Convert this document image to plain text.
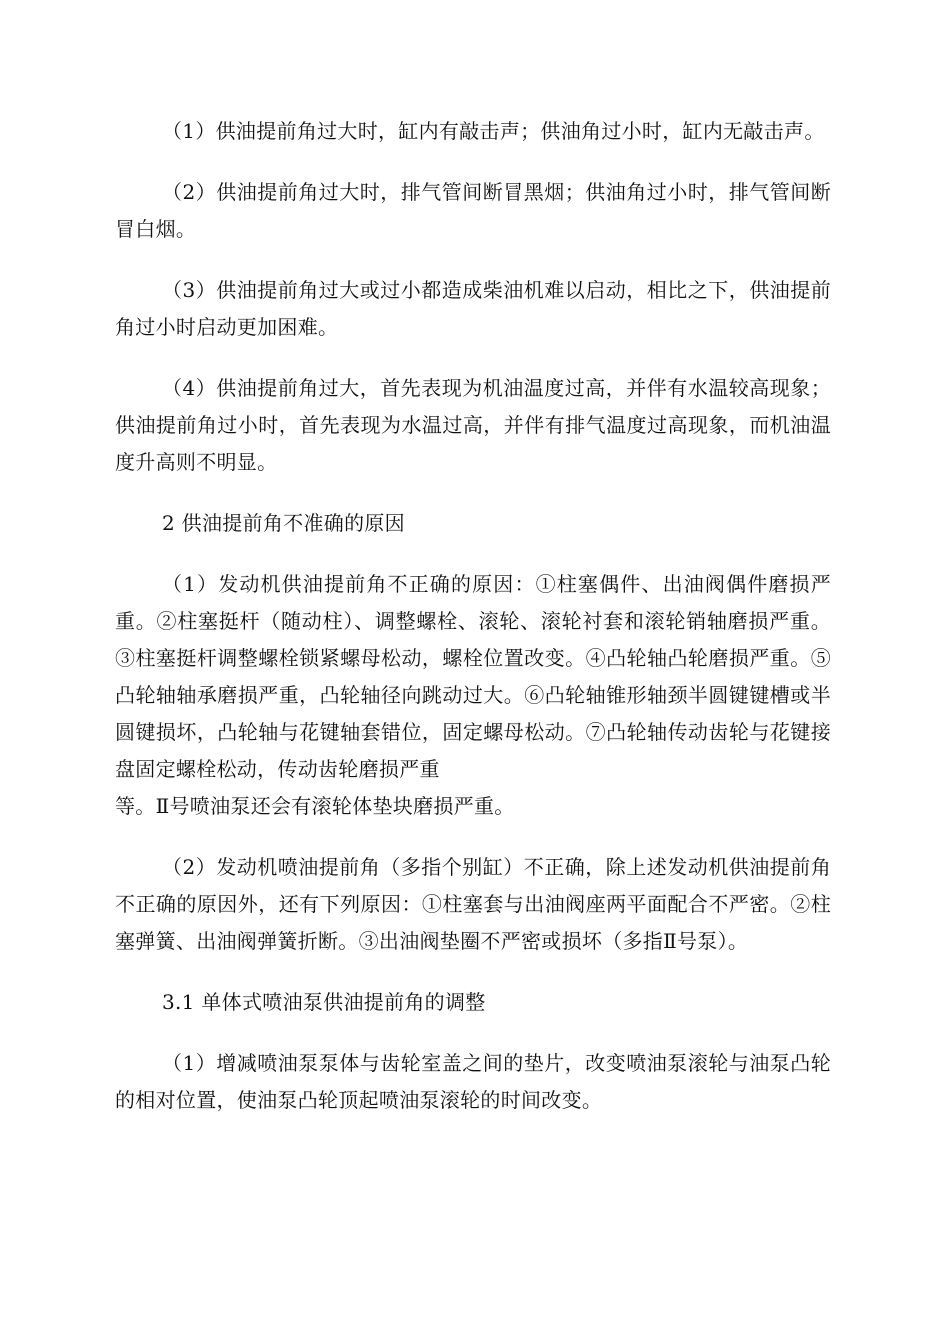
（1）供油提前角过大时，缸内有敲击声；供油角过小时，缸内无敲击声。

（2）供油提前角过大时，排气管间断冒黑烟；供油角过小时，排气管间断冒白烟。

（3）供油提前角过大或过小都造成柴油机难以启动，相比之下，供油提前角过小时启动更加困难。

（4）供油提前角过大，首先表现为机油温度过高，并伴有水温较高现象；供油提前角过小时，首先表现为水温过高，并伴有排气温度过高现象，而机油温度升高则不明显。

2 供油提前角不准确的原因

（1）发动机供油提前角不正确的原因：①柱塞偶件、出油阀偶件磨损严重。②柱塞挺杆（随动柱）、调整螺栓、滚轮、滚轮衬套和滚轮销轴磨损严重。③柱塞挺杆调整螺栓锁紧螺母松动，螺栓位置改变。④凸轮轴凸轮磨损严重。⑤凸轮轴轴承磨损严重，凸轮轴径向跳动过大。⑥凸轮轴锥形轴颈半圆键键槽或半圆键损坏，凸轮轴与花键轴套错位，固定螺母松动。⑦凸轮轴传动齿轮与花键接盘固定螺栓松动，传动齿轮磨损严重
等。Ⅱ号喷油泵还会有滚轮体垫块磨损严重。

（2）发动机喷油提前角（多指个别缸）不正确，除上述发动机供油提前角不正确的原因外，还有下列原因：①柱塞套与出油阀座两平面配合不严密。②柱塞弹簧、出油阀弹簧折断。③出油阀垫圈不严密或损坏（多指Ⅱ号泵）。

3.1 单体式喷油泵供油提前角的调整

（1）增减喷油泵泵体与齿轮室盖之间的垫片，改变喷油泵滚轮与油泵凸轮的相对位置，使油泵凸轮顶起喷油泵滚轮的时间改变。
